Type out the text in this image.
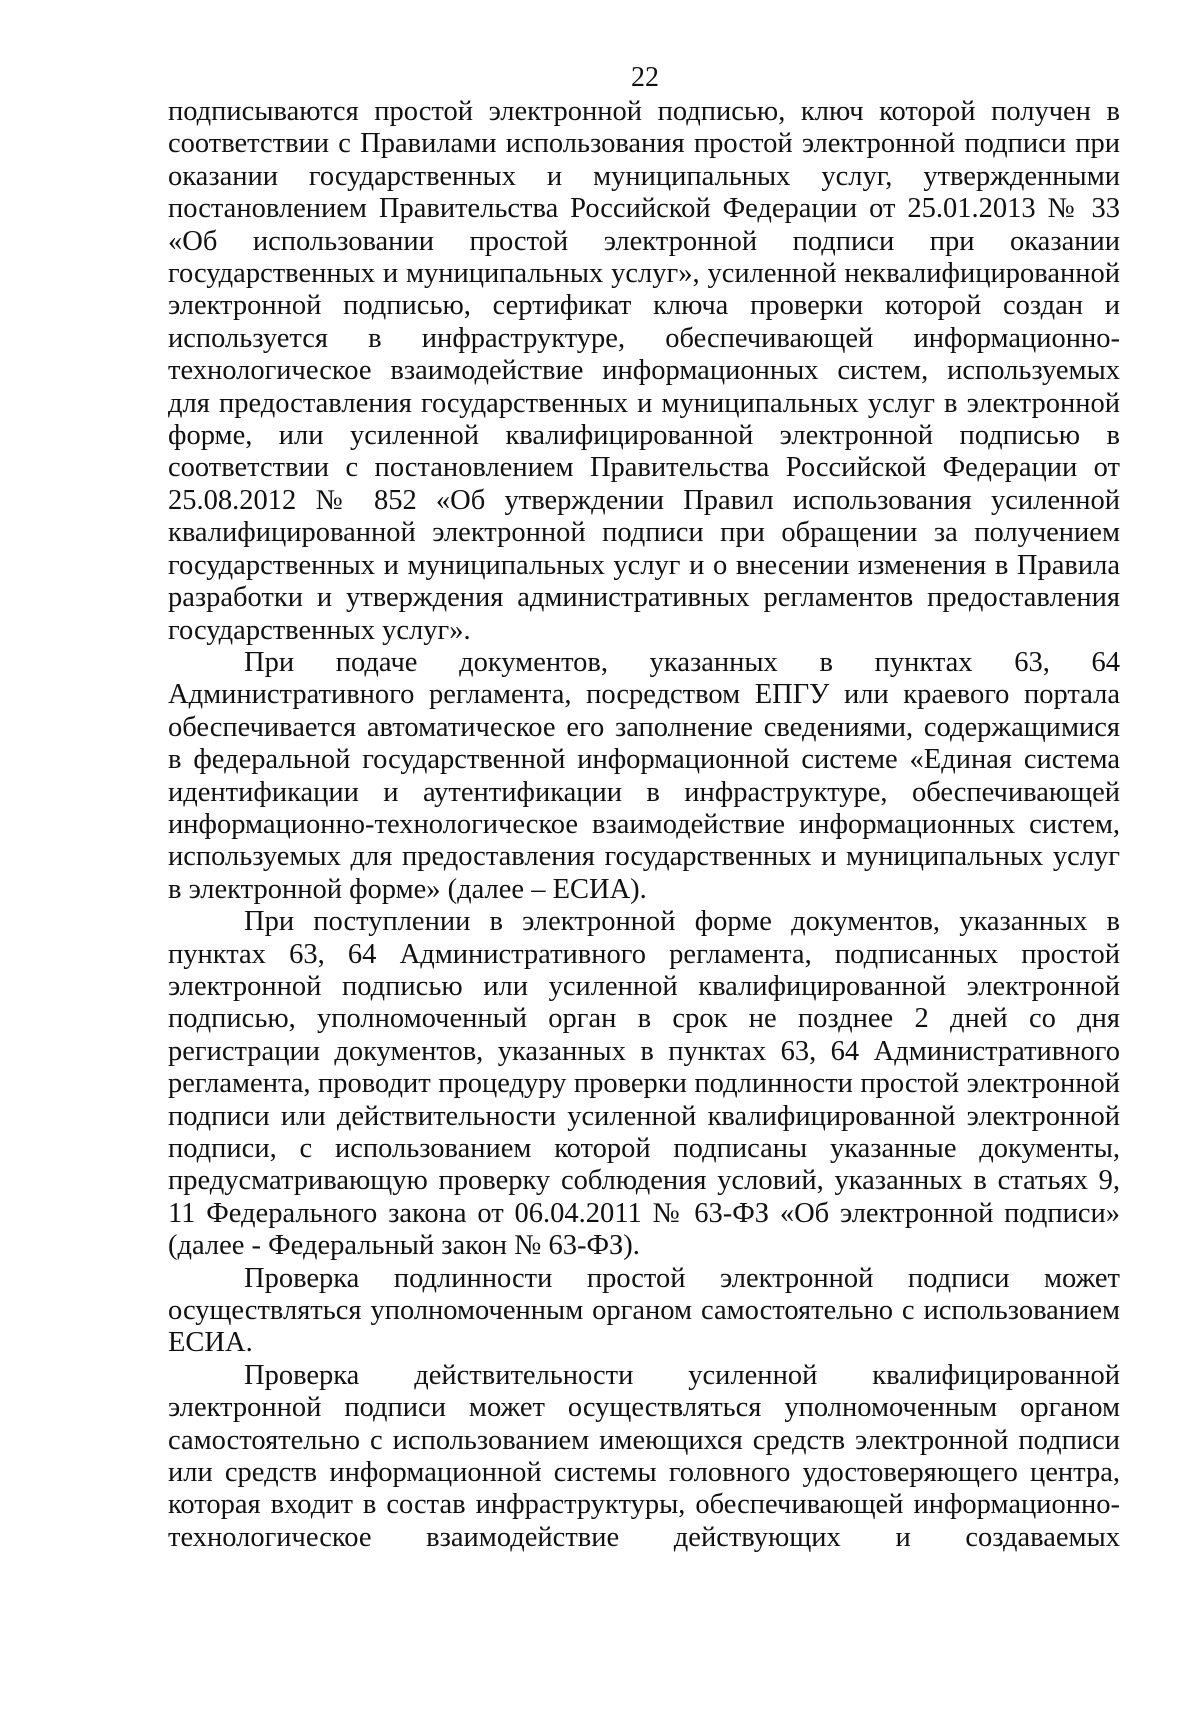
22

подписываются простой электронной подписью, ключ которой получен в соответствии с Правилами использования простой электронной подписи при оказании государственных и муниципальных услуг, утвержденными постановлением Правительства Российской Федерации от 25.01.2013 № 33 «Об использовании простой электронной подписи при оказании государственных и муниципальных услуг», усиленной неквалифицированной электронной подписью, сертификат ключа проверки которой создан и используется в инфраструктуре, обеспечивающей информационно-технологическое взаимодействие информационных систем, используемых для предоставления государственных и муниципальных услуг в электронной форме, или усиленной квалифицированной электронной подписью в соответствии с постановлением Правительства Российской Федерации от 25.08.2012 № 852 «Об утверждении Правил использования усиленной квалифицированной электронной подписи при обращении за получением государственных и муниципальных услуг и о внесении изменения в Правила разработки и утверждения административных регламентов предоставления государственных услуг».

При подаче документов, указанных в пунктах 63, 64 Административного регламента, посредством ЕПГУ или краевого портала обеспечивается автоматическое его заполнение сведениями, содержащимися в федеральной государственной информационной системе «Единая система идентификации и аутентификации в инфраструктуре, обеспечивающей информационно-технологическое взаимодействие информационных систем, используемых для предоставления государственных и муниципальных услуг в электронной форме» (далее – ЕСИА).

При поступлении в электронной форме документов, указанных в пунктах 63, 64 Административного регламента, подписанных простой электронной подписью или усиленной квалифицированной электронной подписью, уполномоченный орган в срок не позднее 2 дней со дня регистрации документов, указанных в пунктах 63, 64 Административного регламента, проводит процедуру проверки подлинности простой электронной подписи или действительности усиленной квалифицированной электронной подписи, с использованием которой подписаны указанные документы, предусматривающую проверку соблюдения условий, указанных в статьях 9, 11 Федерального закона от 06.04.2011 № 63-ФЗ «Об электронной подписи» (далее - Федеральный закон № 63-ФЗ).

Проверка подлинности простой электронной подписи может осуществляться уполномоченным органом самостоятельно с использованием ЕСИА.

Проверка действительности усиленной квалифицированной электронной подписи может осуществляться уполномоченным органом самостоятельно с использованием имеющихся средств электронной подписи или средств информационной системы головного удостоверяющего центра, которая входит в состав инфраструктуры, обеспечивающей информационно-технологическое взаимодействие действующих и создаваемых
